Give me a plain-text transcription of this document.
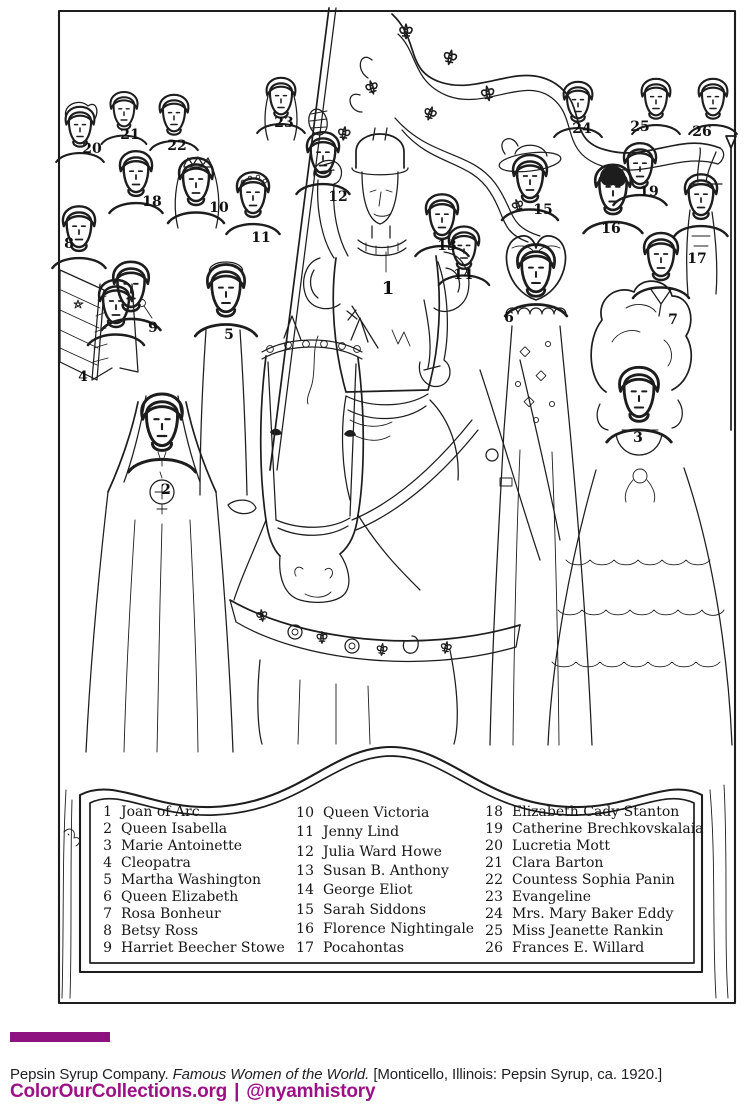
1 Joan of Arc
2 Queen Isabella
3 Marie Antoinette
4 Cleopatra
5 Martha Washington
6 Queen Elizabeth
7 Rosa Bonheur
8 Betsy Ross
9 Harriet Beecher Stowe
10 Queen Victoria
11 Jenny Lind
12 Julia Ward Howe
13 Susan B. Anthony
14 George Eliot
15 Sarah Siddons
16 Florence Nightingale
17 Pocahontas
18 Elizabeth Cady Stanton
19 Catherine Brechkovskalaia
20 Lucretia Mott
21 Clara Barton
22 Countess Sophia Panin
23 Evangeline
24 Mrs. Mary Baker Eddy
25 Miss Jeanette Rankin
26 Frances E. Willard
1
2
3
4
5
6	7
8
9
10
11
12
13
14
15
16
17
18
19
20
21
22
23	24	25	26

Pepsin Syrup Company. Famous Women of the World. [Monticello, Illinois: Pepsin Syrup, ca. 1920.]

ColorOurCollections.org | @nyamhistory
